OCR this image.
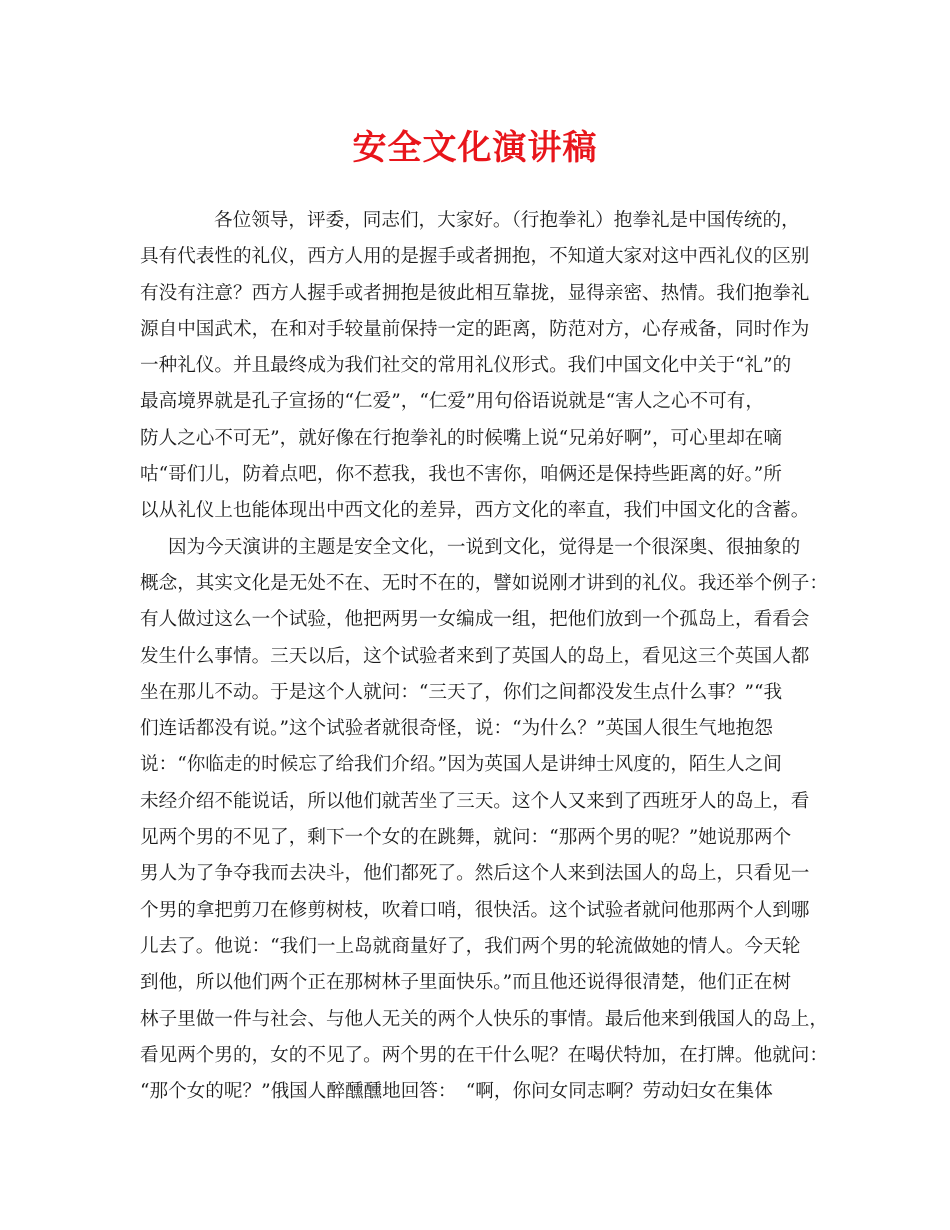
安全文化演讲稿
各位领导，评委，同志们，大家好。（行抱拳礼）抱拳礼是中国传统的，
具有代表性的礼仪，西方人用的是握手或者拥抱，不知道大家对这中西礼仪的区别
有没有注意？西方人握手或者拥抱是彼此相互靠拢，显得亲密、热情。我们抱拳礼
源自中国武术，在和对手较量前保持一定的距离，防范对方，心存戒备，同时作为
一种礼仪。并且最终成为我们社交的常用礼仪形式。我们中国文化中关于“礼”的
最高境界就是孔子宣扬的“仁爱”，“仁爱”用句俗语说就是“害人之心不可有，
防人之心不可无”，就好像在行抱拳礼的时候嘴上说“兄弟好啊”，可心里却在嘀
咕“哥们儿，防着点吧，你不惹我，我也不害你，咱俩还是保持些距离的好。”所
以从礼仪上也能体现出中西文化的差异，西方文化的率直，我们中国文化的含蓄。
因为今天演讲的主题是安全文化，一说到文化，觉得是一个很深奥、很抽象的
概念，其实文化是无处不在、无时不在的，譬如说刚才讲到的礼仪。我还举个例子：
有人做过这么一个试验，他把两男一女编成一组，把他们放到一个孤岛上，看看会
发生什么事情。三天以后，这个试验者来到了英国人的岛上，看见这三个英国人都
坐在那儿不动。于是这个人就问：“三天了，你们之间都没发生点什么事？”“我
们连话都没有说。”这个试验者就很奇怪，说：“为什么？”英国人很生气地抱怨
说：“你临走的时候忘了给我们介绍。”因为英国人是讲绅士风度的，陌生人之间
未经介绍不能说话，所以他们就苦坐了三天。这个人又来到了西班牙人的岛上，看
见两个男的不见了，剩下一个女的在跳舞，就问：“那两个男的呢？”她说那两个
男人为了争夺我而去决斗，他们都死了。然后这个人来到法国人的岛上，只看见一
个男的拿把剪刀在修剪树枝，吹着口哨，很快活。这个试验者就问他那两个人到哪
儿去了。他说：“我们一上岛就商量好了，我们两个男的轮流做她的情人。今天轮
到他，所以他们两个正在那树林子里面快乐。”而且他还说得很清楚，他们正在树
林子里做一件与社会、与他人无关的两个人快乐的事情。最后他来到俄国人的岛上，
看见两个男的，女的不见了。两个男的在干什么呢？在喝伏特加，在打牌。他就问：
“那个女的呢？”俄国人醉醺醺地回答：　“啊，你问女同志啊？劳动妇女在集体
